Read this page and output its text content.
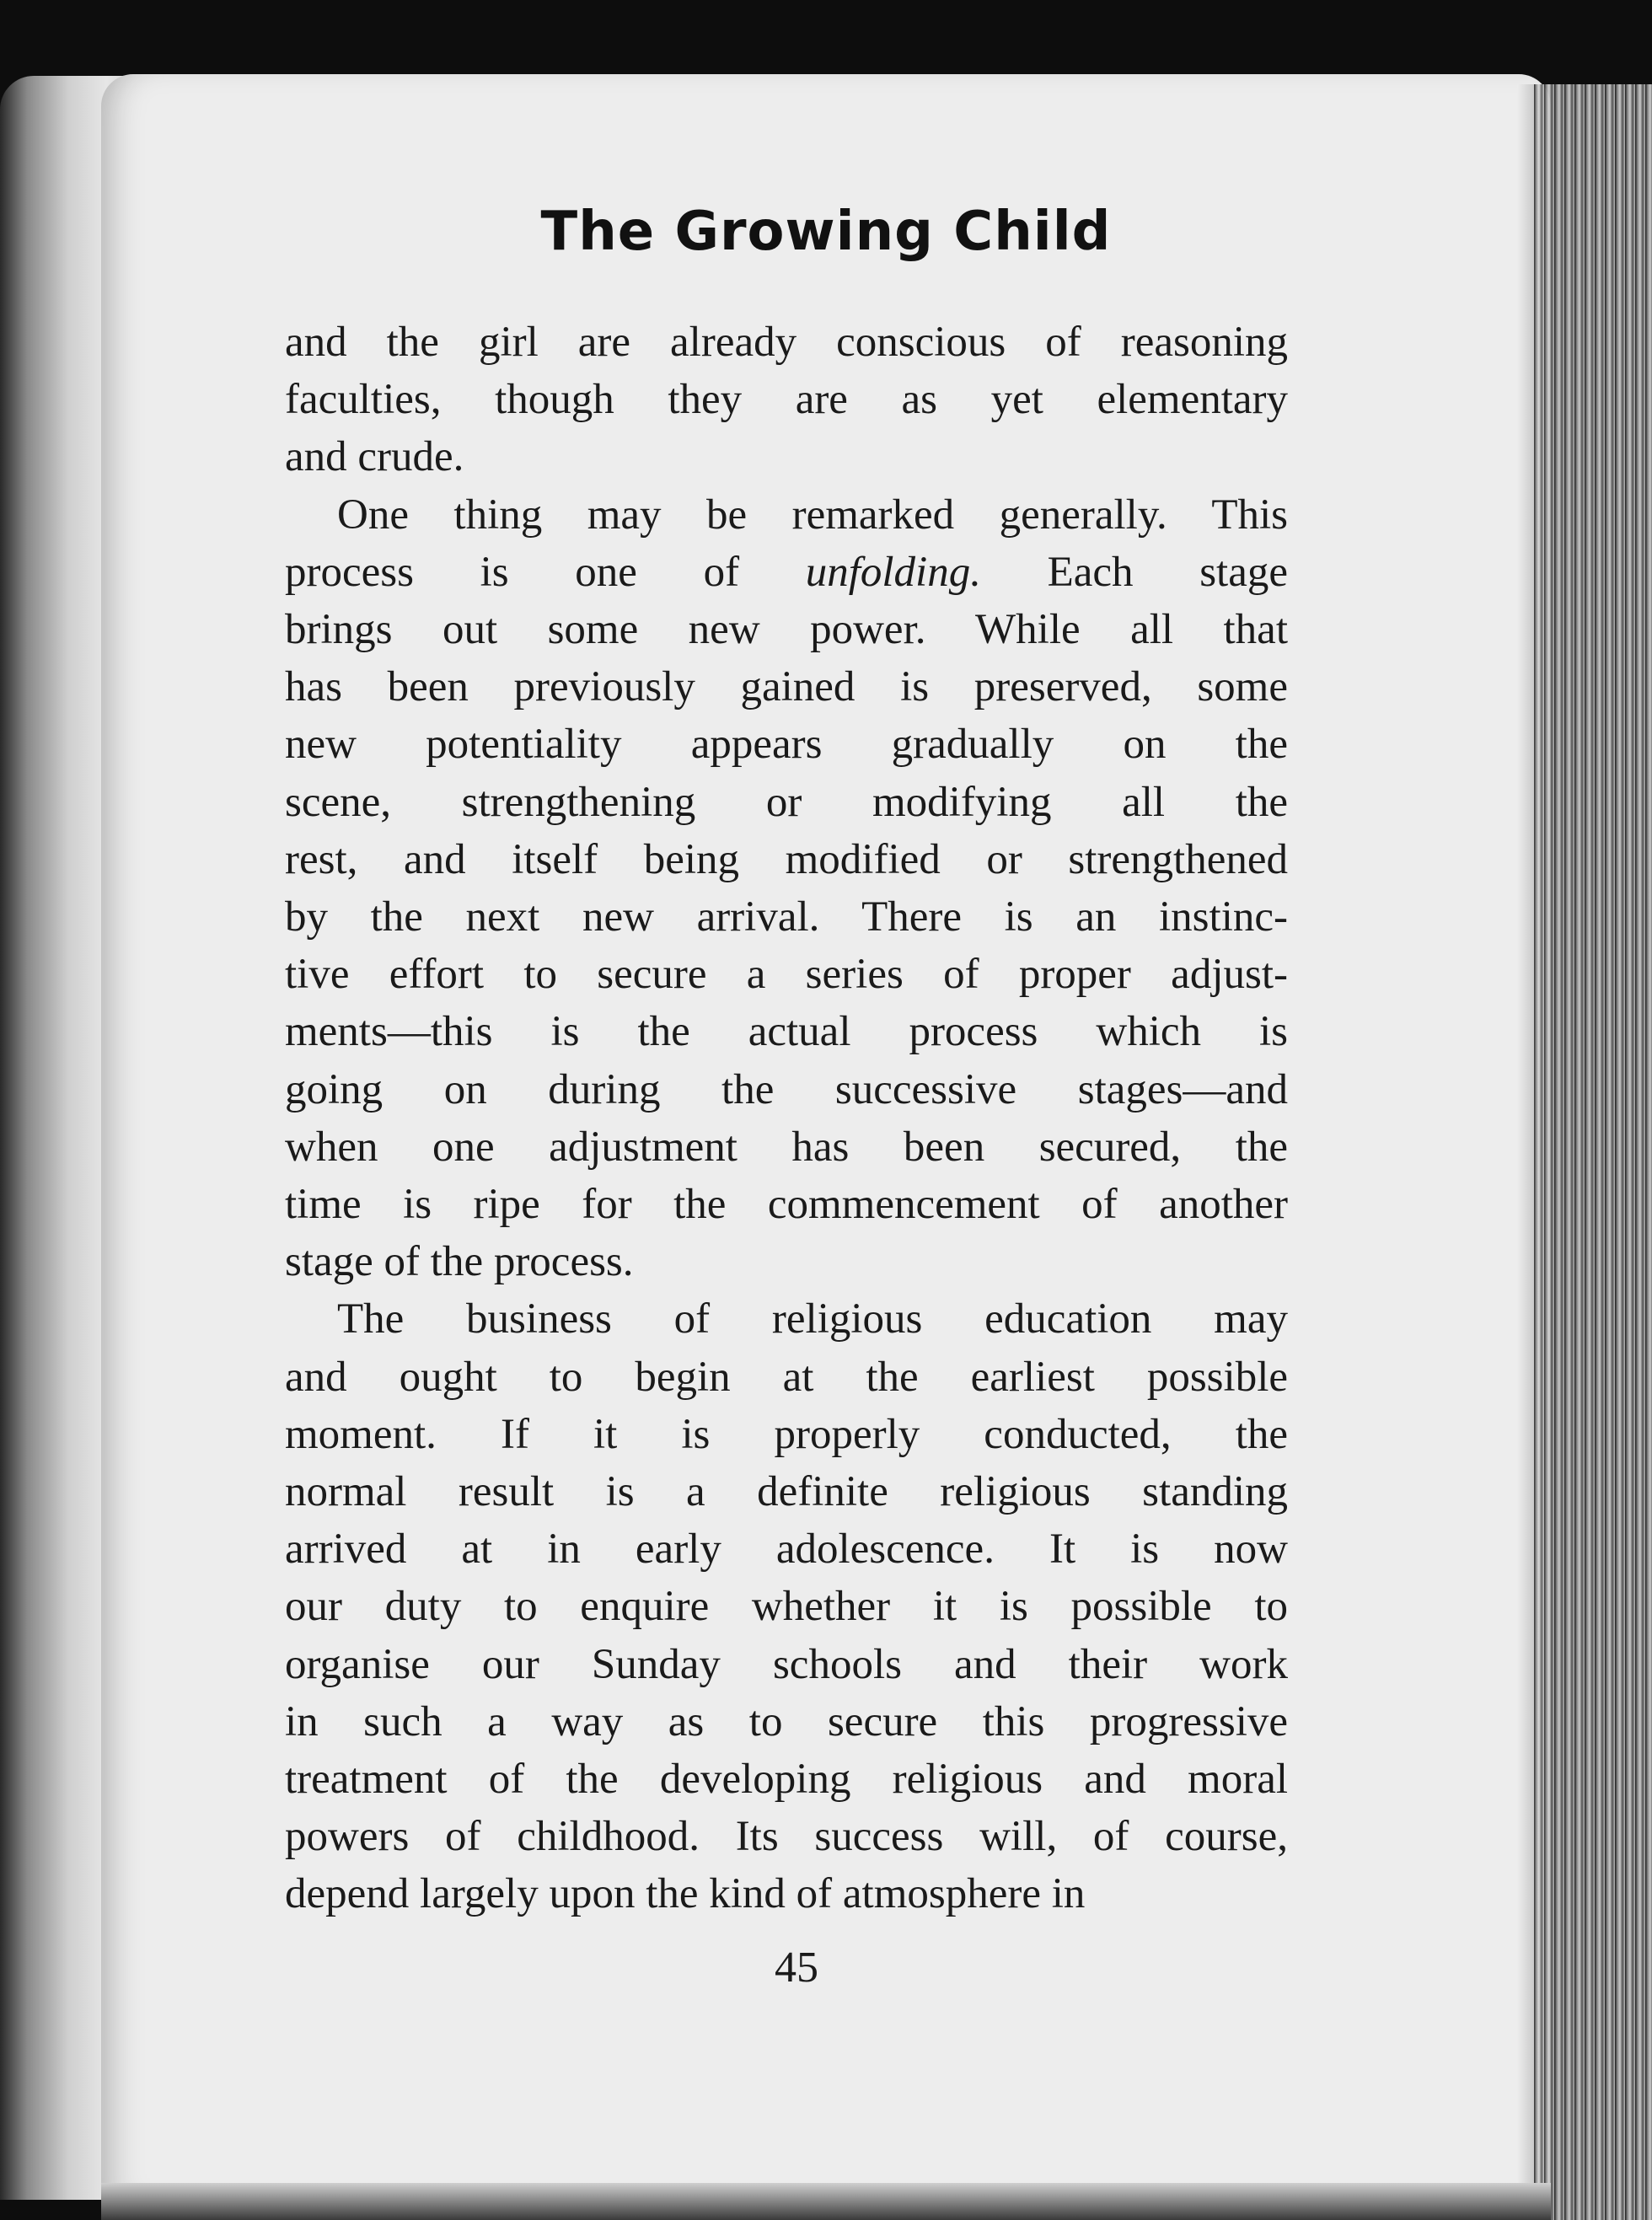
The Growing Child
and the girl are already conscious of reasoning
faculties, though they are as yet elementary
and crude.
One thing may be remarked generally. This
process is one of unfolding. Each stage
brings out some new power. While all that
has been previously gained is preserved, some
new potentiality appears gradually on the
scene, strengthening or modifying all the
rest, and itself being modified or strengthened
by the next new arrival. There is an instinc-
tive effort to secure a series of proper adjust-
ments—this is the actual process which is
going on during the successive stages—and
when one adjustment has been secured, the
time is ripe for the commencement of another
stage of the process.
The business of religious education may
and ought to begin at the earliest possible
moment. If it is properly conducted, the
normal result is a definite religious standing
arrived at in early adolescence. It is now
our duty to enquire whether it is possible to
organise our Sunday schools and their work
in such a way as to secure this progressive
treatment of the developing religious and moral
powers of childhood. Its success will, of course,
depend largely upon the kind of atmosphere in
45
